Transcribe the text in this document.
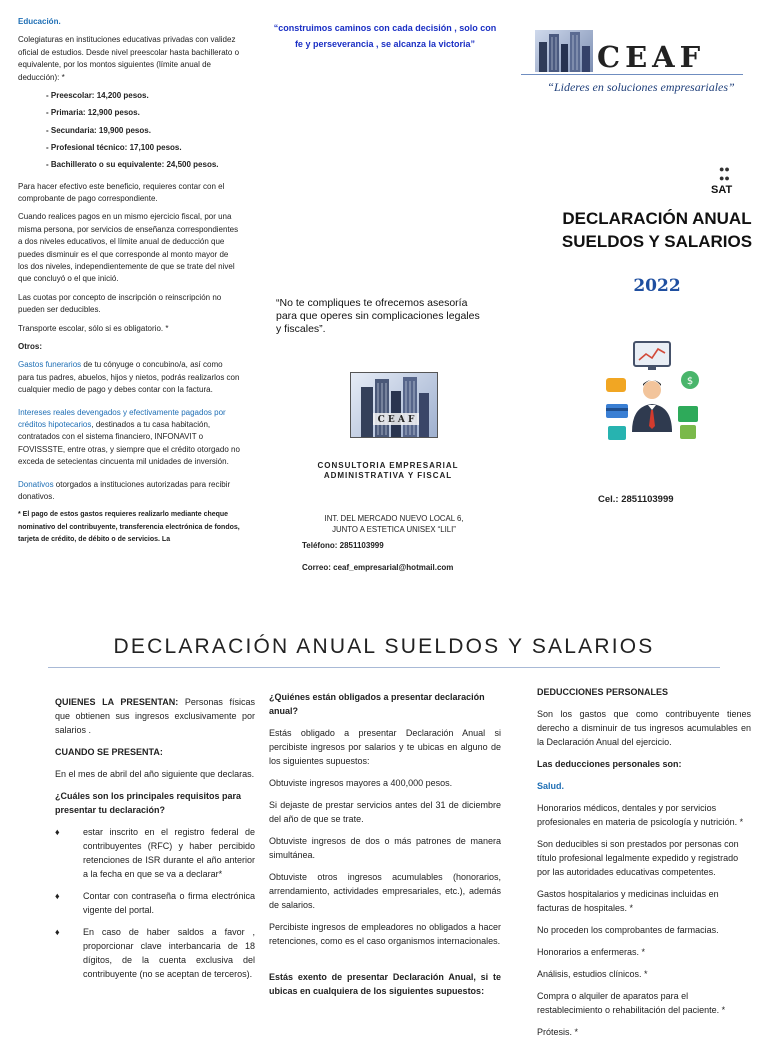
Educación.

Colegiaturas en instituciones educativas privadas con validez oficial de estudios. Desde nivel preescolar hasta bachillerato o equivalente, por los montos siguientes (límite anual de deducción): *

- Preescolar: 14,200 pesos.
- Primaria: 12,900 pesos.
- Secundaria: 19,900 pesos.
- Profesional técnico: 17,100 pesos.
- Bachillerato o su equivalente: 24,500 pesos.

Para hacer efectivo este beneficio, requieres contar con el comprobante de pago correspondiente.

Cuando realices pagos en un mismo ejercicio fiscal, por una misma persona, por servicios de enseñanza correspondientes a dos niveles educativos, el límite anual de deducción que puedes disminuir es el que corresponde al monto mayor de los dos niveles, independientemente de que se trate del nivel que concluyó o el que inició.

Las cuotas por concepto de inscripción o reinscripción no pueden ser deducibles.

Transporte escolar, sólo si es obligatorio. *

Otros:

Gastos funerarios de tu cónyuge o concubino/a, así como para tus padres, abuelos, hijos y nietos, podrás realizarlos con cualquier medio de pago y debes contar con la factura.

Intereses reales devengados y efectivamente pagados por créditos hipotecarios, destinados a tu casa habitación, contratados con el sistema financiero, INFONAVIT o FOVISSSTE, entre otras, y siempre que el crédito otorgado no exceda de setecientas cincuenta mil unidades de inversión.

Donativos otorgados a instituciones autorizadas para recibir donativos.

* El pago de estos gastos requieres realizarlo mediante cheque nominativo del contribuyente, transferencia electrónica de fondos, tarjeta de crédito, de débito o de servicios. La

“construimos caminos con cada decisión , solo con fe y perseverancia , se alcanza la victoria”
“No te compliques te ofrecemos asesoría para que operes sin complicaciones legales y fiscales”.
C E A F
CONSULTORIA EMPRESARIAL ADMINISTRATIVA Y FISCAL
INT. DEL MERCADO NUEVO LOCAL 6,
JUNTO A ESTETICA UNISEX “LILI”
Teléfono: 2851103999
Correo: ceaf_empresarial@hotmail.com
CEAF
“Lideres en soluciones empresariales”
●●
●●
SAT
DECLARACIÓN ANUAL SUELDOS Y SALARIOS
2022
$
Cel.: 2851103999
DECLARACIÓN ANUAL SUELDOS Y SALARIOS

QUIENES LA PRESENTAN: Personas físicas que obtienen sus ingresos exclusivamente por salarios .

CUANDO SE PRESENTA:

En el mes de abril del año siguiente que declaras.

¿Cuáles son los principales requisitos para presentar tu declaración?

♦	estar inscrito en el registro federal de contribuyentes (RFC) y haber percibido retenciones de ISR durante el año anterior a la fecha en que se va a declarar*
♦	Contar con contraseña o firma electrónica vigente del portal.
♦	En caso de haber saldos a favor , proporcionar clave interbancaria de 18 dígitos, de la cuenta exclusiva del contribuyente (no se aceptan de terceros).

¿Quiénes están obligados a presentar declaración anual?

Estás obligado a presentar Declaración Anual si percibiste ingresos por salarios y te ubicas en alguno de los siguientes supuestos:

Obtuviste ingresos mayores a 400,000 pesos.

Si dejaste de prestar servicios antes del 31 de diciembre del año de que se trate.

Obtuviste ingresos de dos o más patrones de manera simultánea.

Obtuviste otros ingresos acumulables (honorarios, arrendamiento, actividades empresariales, etc.), además de salarios.

Percibiste ingresos de empleadores no obligados a hacer retenciones, como es el caso organismos internacionales.

Estás exento de presentar Declaración Anual, si te ubicas en cualquiera de los siguientes supuestos:

DEDUCCIONES PERSONALES

Son los gastos que como contribuyente tienes derecho a disminuir de tus ingresos acumulables en la Declaración Anual del ejercicio.

Las deducciones personales son:

Salud.

Honorarios médicos, dentales y por servicios profesionales en materia de psicología y nutrición. *

Son deducibles si son prestados por personas con título profesional legalmente expedido y registrado por las autoridades educativas competentes.

Gastos hospitalarios y medicinas incluidas en facturas de hospitales. *

No proceden los comprobantes de farmacias.

Honorarios a enfermeras. *

Análisis, estudios clínicos. *

Compra o alquiler de aparatos para el restablecimiento o rehabilitación del paciente. *

Prótesis. *
